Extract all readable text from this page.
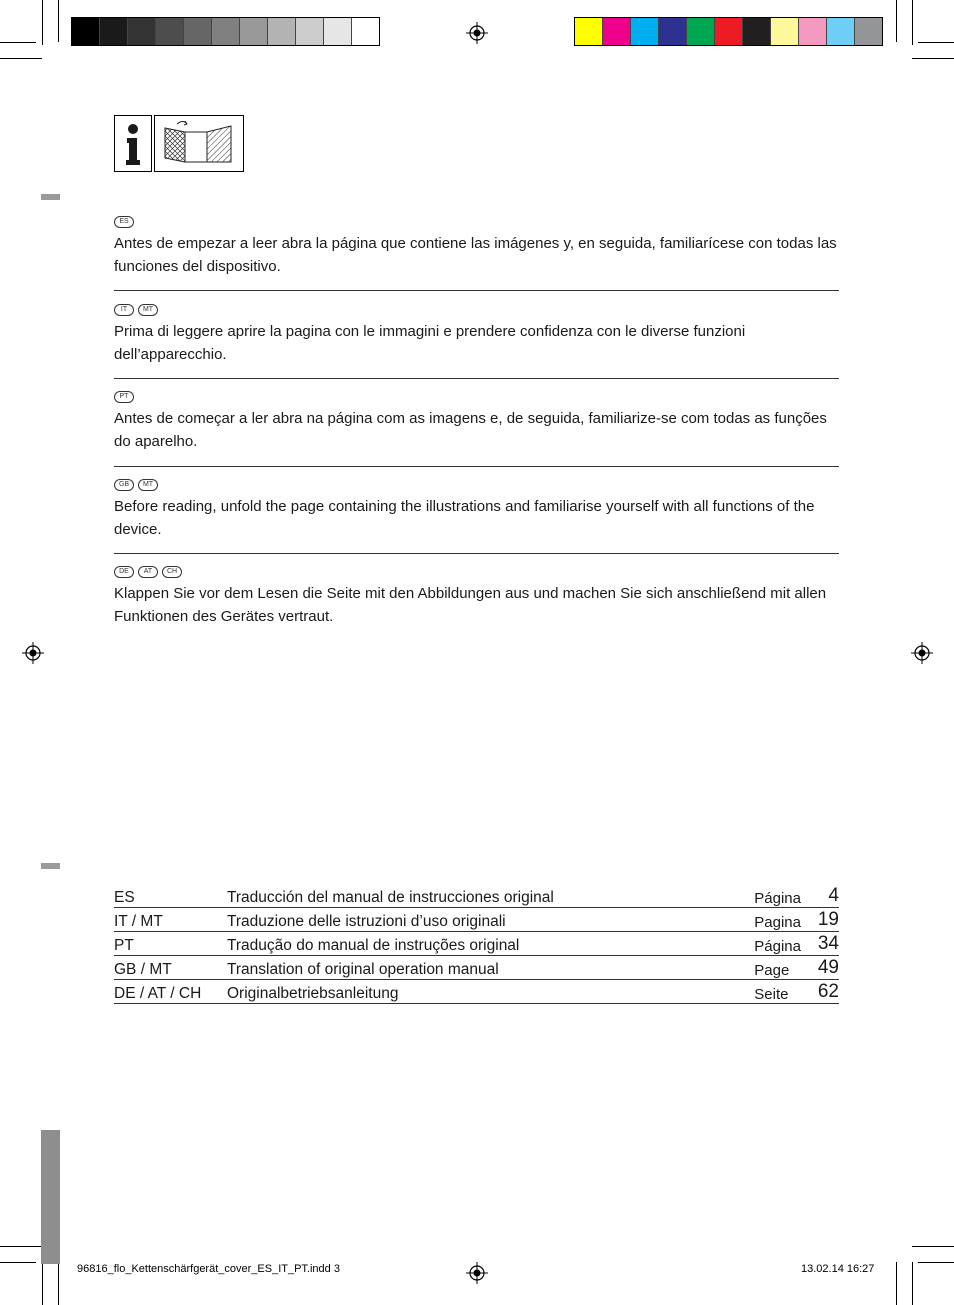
ES

Antes de empezar a leer abra la página que contiene las imágenes y, en seguida, familiarícese con todas las funciones del dispositivo.

IT	MT

Prima di leggere aprire la pagina con le immagini e prendere confidenza con le diverse funzioni dell’apparecchio.

PT

Antes de começar a ler abra na página com as imagens e, de seguida, familiarize-se com todas as funções do aparelho.

GB	MT

Before reading, unfold the page containing the illustrations and familiarise yourself with all functions of the device.

DE	AT	CH

Klappen Sie vor dem Lesen die Seite mit den Abbildungen aus und machen Sie sich anschließend mit allen Funktionen des Gerätes vertraut.

ES	Traducción del manual de instrucciones original	Página	4
IT / MT	Traduzione delle istruzioni d’uso originali	Pagina	19
PT	Tradução do manual de instruções original	Página	34
GB / MT	Translation of original operation manual	Page	49
DE / AT / CH	Originalbetriebsanleitung	Seite	62
96816_flo_Kettenschärfgerät_cover_ES_IT_PT.indd 3	13.02.14 16:27
